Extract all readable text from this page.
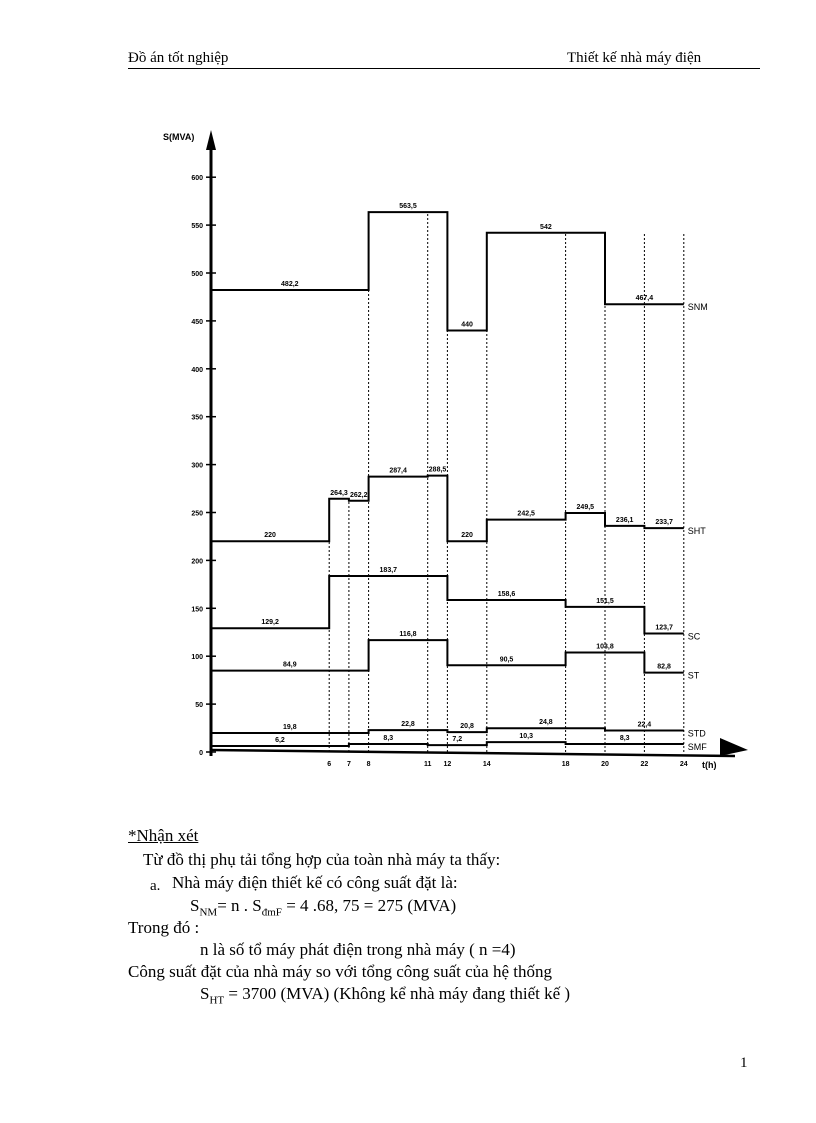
Đồ án tốt nghiệp	Thiết kế nhà máy điện
S(MVA)
t(h)
0
50
100
150
200
250
300
350
400
450
500
550
600
6 7 8	11 12	14	18	20	22	24
482,2
563,5
440
542
467,4
SNM
220
264,3 262,2
287,4	288,5
220
242,5
249,5
236,1	233,7
SHT
129,2
183,7
158,6
151,5
123,7
SC
84,9
116,8
90,5
103,8
82,8
ST
19,8	22,8	20,8
24,8	22,4
STD
6,2	8,3	7,2	10,3	8,3
SMF
*Nhận xét
Từ đồ thị phụ tải tổng hợp của toàn nhà máy ta thấy:
a. Nhà máy điện thiết kế có công suất đặt là:
$S_{NM}= n$ . $S_{đmF} = 4$ .68, 75 = 275 (MVA)
Trong đó :
n là số tổ máy phát điện trong nhà máy ( n =4)
Công suất đặt của nhà máy so với tổng công suất của hệ thống
$S_{HT} = 3700$ (MVA) (Không kể nhà máy đang thiết kế )
1
